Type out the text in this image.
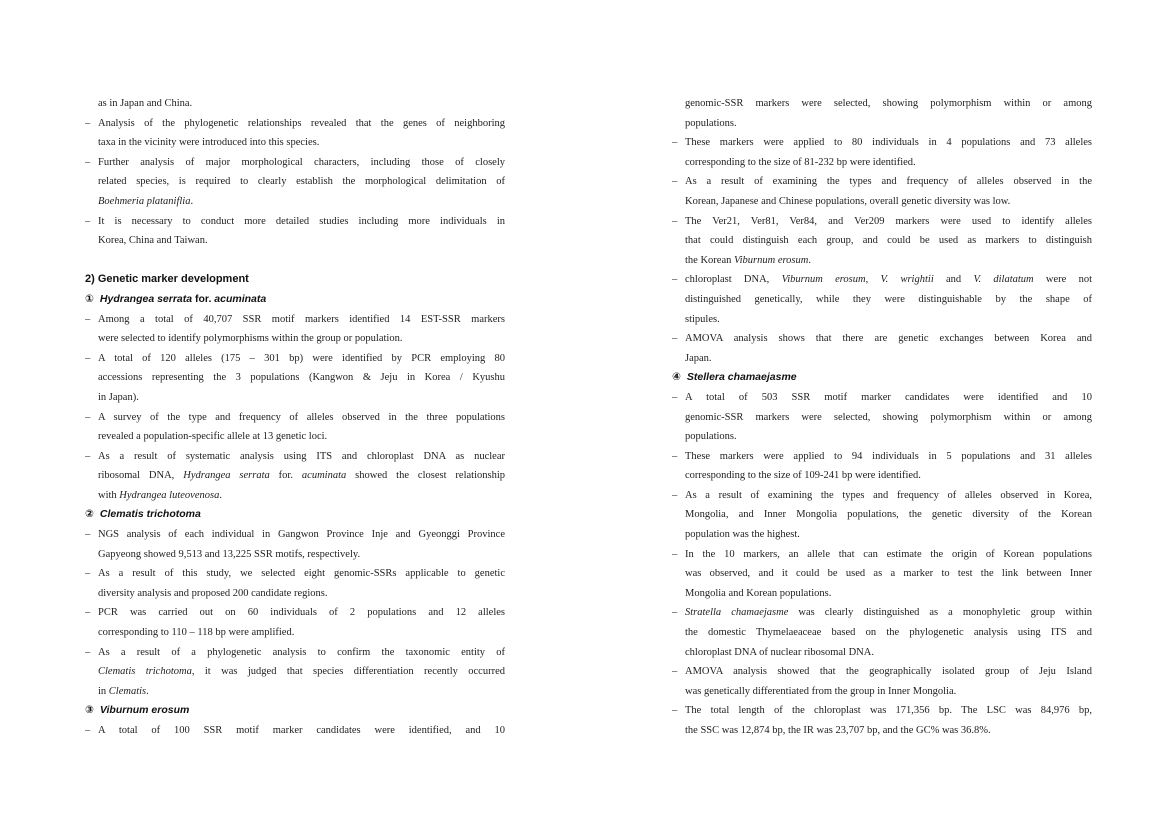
as in Japan and China.
– Analysis of the phylogenetic relationships revealed that the genes of neighboring
taxa in the vicinity were introduced into this species.
– Further analysis of major morphological characters, including those of closely
related species, is required to clearly establish the morphological delimitation of
Boehmeria plataniflia.
– It is necessary to conduct more detailed studies including more individuals in
Korea, China and Taiwan.
2) Genetic marker development
① Hydrangea serrata for. acuminata
– Among a total of 40,707 SSR motif markers identified 14 EST-SSR markers
were selected to identify polymorphisms within the group or population.
– A total of 120 alleles (175 – 301 bp) were identified by PCR employing 80
accessions representing the 3 populations (Kangwon & Jeju in Korea / Kyushu
in Japan).
– A survey of the type and frequency of alleles observed in the three populations
revealed a population-specific allele at 13 genetic loci.
– As a result of systematic analysis using ITS and chloroplast DNA as nuclear
ribosomal DNA, Hydrangea serrata for. acuminata showed the closest relationship
with Hydrangea luteovenosa.
② Clematis trichotoma
– NGS analysis of each individual in Gangwon Province Inje and Gyeonggi Province
Gapyeong showed 9,513 and 13,225 SSR motifs, respectively.
– As a result of this study, we selected eight genomic-SSRs applicable to genetic
diversity analysis and proposed 200 candidate regions.
– PCR was carried out on 60 individuals of 2 populations and 12 alleles
corresponding to 110 – 118 bp were amplified.
– As a result of a phylogenetic analysis to confirm the taxonomic entity of
Clematis trichotoma, it was judged that species differentiation recently occurred
in Clematis.
③ Viburnum erosum
– A total of 100 SSR motif marker candidates were identified, and 10
genomic-SSR markers were selected, showing polymorphism within or among
populations.
– These markers were applied to 80 individuals in 4 populations and 73 alleles
corresponding to the size of 81-232 bp were identified.
– As a result of examining the types and frequency of alleles observed in the
Korean, Japanese and Chinese populations, overall genetic diversity was low.
– The Ver21, Ver81, Ver84, and Ver209 markers were used to identify alleles
that could distinguish each group, and could be used as markers to distinguish
the Korean Viburnum erosum.
– chloroplast DNA, Viburnum erosum, V. wrightii and V. dilatatum were not
distinguished genetically, while they were distinguishable by the shape of
stipules.
– AMOVA analysis shows that there are genetic exchanges between Korea and
Japan.
④ Stellera chamaejasme
– A total of 503 SSR motif marker candidates were identified and 10
genomic-SSR markers were selected, showing polymorphism within or among
populations.
– These markers were applied to 94 individuals in 5 populations and 31 alleles
corresponding to the size of 109-241 bp were identified.
– As a result of examining the types and frequency of alleles observed in Korea,
Mongolia, and Inner Mongolia populations, the genetic diversity of the Korean
population was the highest.
– In the 10 markers, an allele that can estimate the origin of Korean populations
was observed, and it could be used as a marker to test the link between Inner
Mongolia and Korean populations.
– Stratella chamaejasme was clearly distinguished as a monophyletic group within
the domestic Thymelaeaceae based on the phylogenetic analysis using ITS and
chloroplast DNA of nuclear ribosomal DNA.
– AMOVA analysis showed that the geographically isolated group of Jeju Island
was genetically differentiated from the group in Inner Mongolia.
– The total length of the chloroplast was 171,356 bp. The LSC was 84,976 bp,
the SSC was 12,874 bp, the IR was 23,707 bp, and the GC% was 36.8%.
